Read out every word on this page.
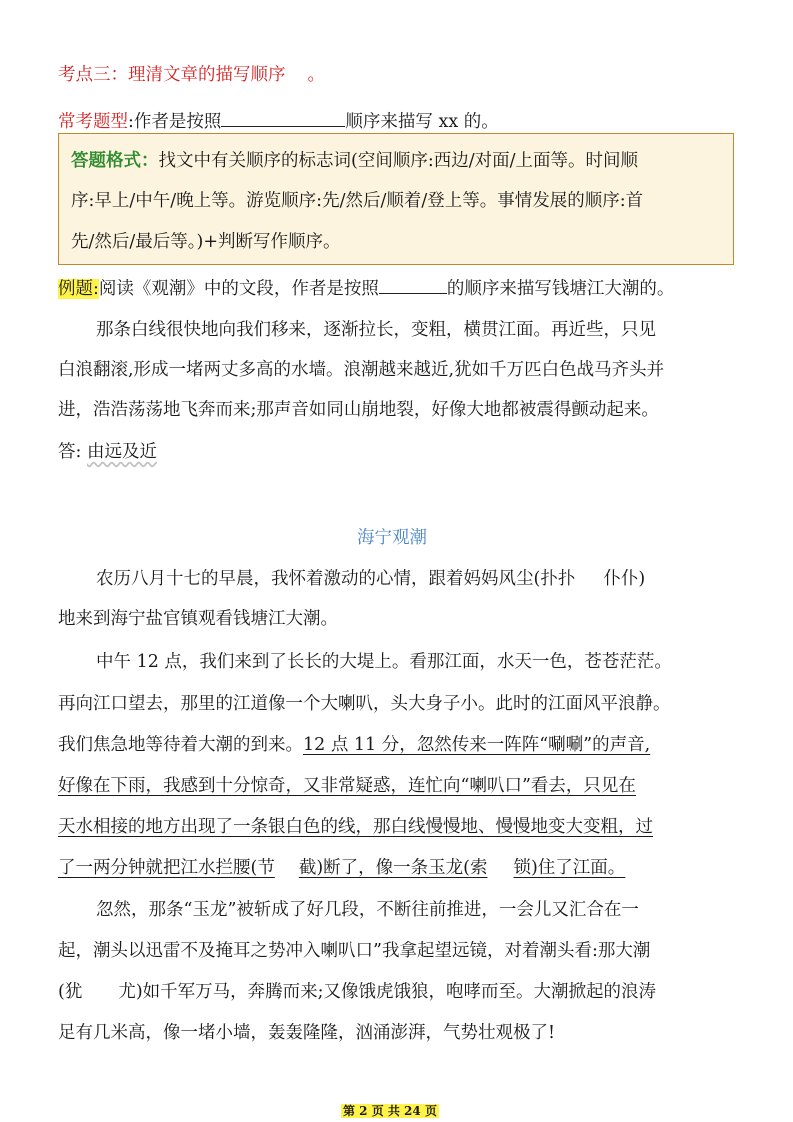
考点三：理清文章的描写顺序 。
常考题型:作者是按照	顺序来描写 xx 的。
答题格式：找文中有关顺序的标志词(空间顺序:西边/对面/上面等。时间顺
序:早上/中午/晚上等。游览顺序:先/然后/顺着/登上等。事情发展的顺序:首
先/然后/最后等。)+判断写作顺序。
例题:阅读《观潮》中的文段，作者是按照	的顺序来描写钱塘江大潮的。
那条白线很快地向我们移来，逐渐拉长，变粗，横贯江面。再近些，只见
白浪翻滚,形成一堵两丈多高的水墙。浪潮越来越近,犹如千万匹白色战马齐头并
进，浩浩荡荡地飞奔而来;那声音如同山崩地裂，好像大地都被震得颤动起来。
答: 由远及近
海宁观潮
农历八月十七的早晨，我怀着激动的心情，跟着妈妈风尘(扑扑 仆仆)
地来到海宁盐官镇观看钱塘江大潮。
中午 12 点，我们来到了长长的大堤上。看那江面，水天一色，苍苍茫茫。
再向江口望去，那里的江道像一个大喇叭，头大身子小。此时的江面风平浪静。
我们焦急地等待着大潮的到来。12 点 11 分，忽然传来一阵阵“唰唰”的声音,
好像在下雨，我感到十分惊奇，又非常疑惑，连忙向“喇叭口”看去，只见在
天水相接的地方出现了一条银白色的线，那白线慢慢地、慢慢地变大变粗，过
了一两分钟就把江水拦腰(节 截)断了，像一条玉龙(索 锁)住了江面。
忽然，那条“玉龙”被斩成了好几段，不断往前推进，一会儿又汇合在一
起，潮头以迅雷不及掩耳之势冲入喇叭口”我拿起望远镜，对着潮头看:那大潮
(犹 尤)如千军万马，奔腾而来;又像饿虎饿狼，咆哮而至。大潮掀起的浪涛
足有几米高，像一堵小墙，轰轰隆隆，汹涌澎湃，气势壮观极了!
第 2 页 共 24 页
